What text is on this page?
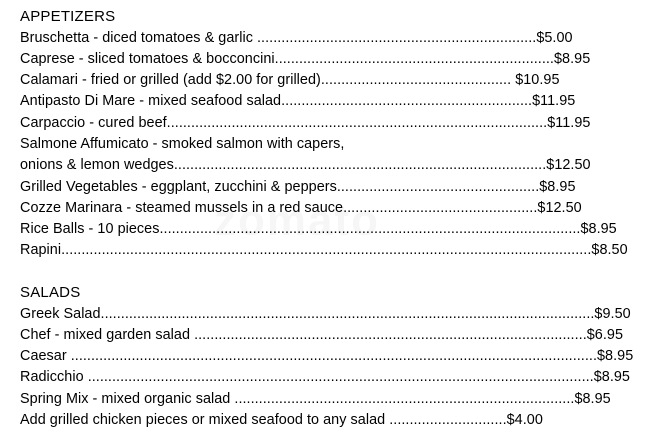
APPETIZERS
Bruschetta - diced tomatoes & garlic .....................................................................$5.00
Caprese - sliced tomatoes & bocconcini.....................................................................$8.95
Calamari - fried or grilled (add $2.00 for grilled)............................................... $10.95
Antipasto Di Mare - mixed seafood salad..............................................................$11.95
Carpaccio - cured beef..............................................................................................$11.95
Salmone Affumicato - smoked salmon with capers,
onions & lemon wedges............................................................................................$12.50
Grilled Vegetables - eggplant, zucchini & peppers..................................................$8.95
Cozze Marinara - steamed mussels in a red sauce................................................$12.50
Rice Balls - 10 pieces........................................................................................................$8.95
Rapini...................................................................................................................................$8.50
SALADS
Greek Salad..........................................................................................................................$9.50
Chef - mixed garden salad .................................................................................................$6.95
Caesar ..................................................................................................................................$8.95
Radicchio .............................................................................................................................$8.95
Spring Mix - mixed organic salad ....................................................................................$8.95
Add grilled chicken pieces or mixed seafood to any salad .............................$4.00
